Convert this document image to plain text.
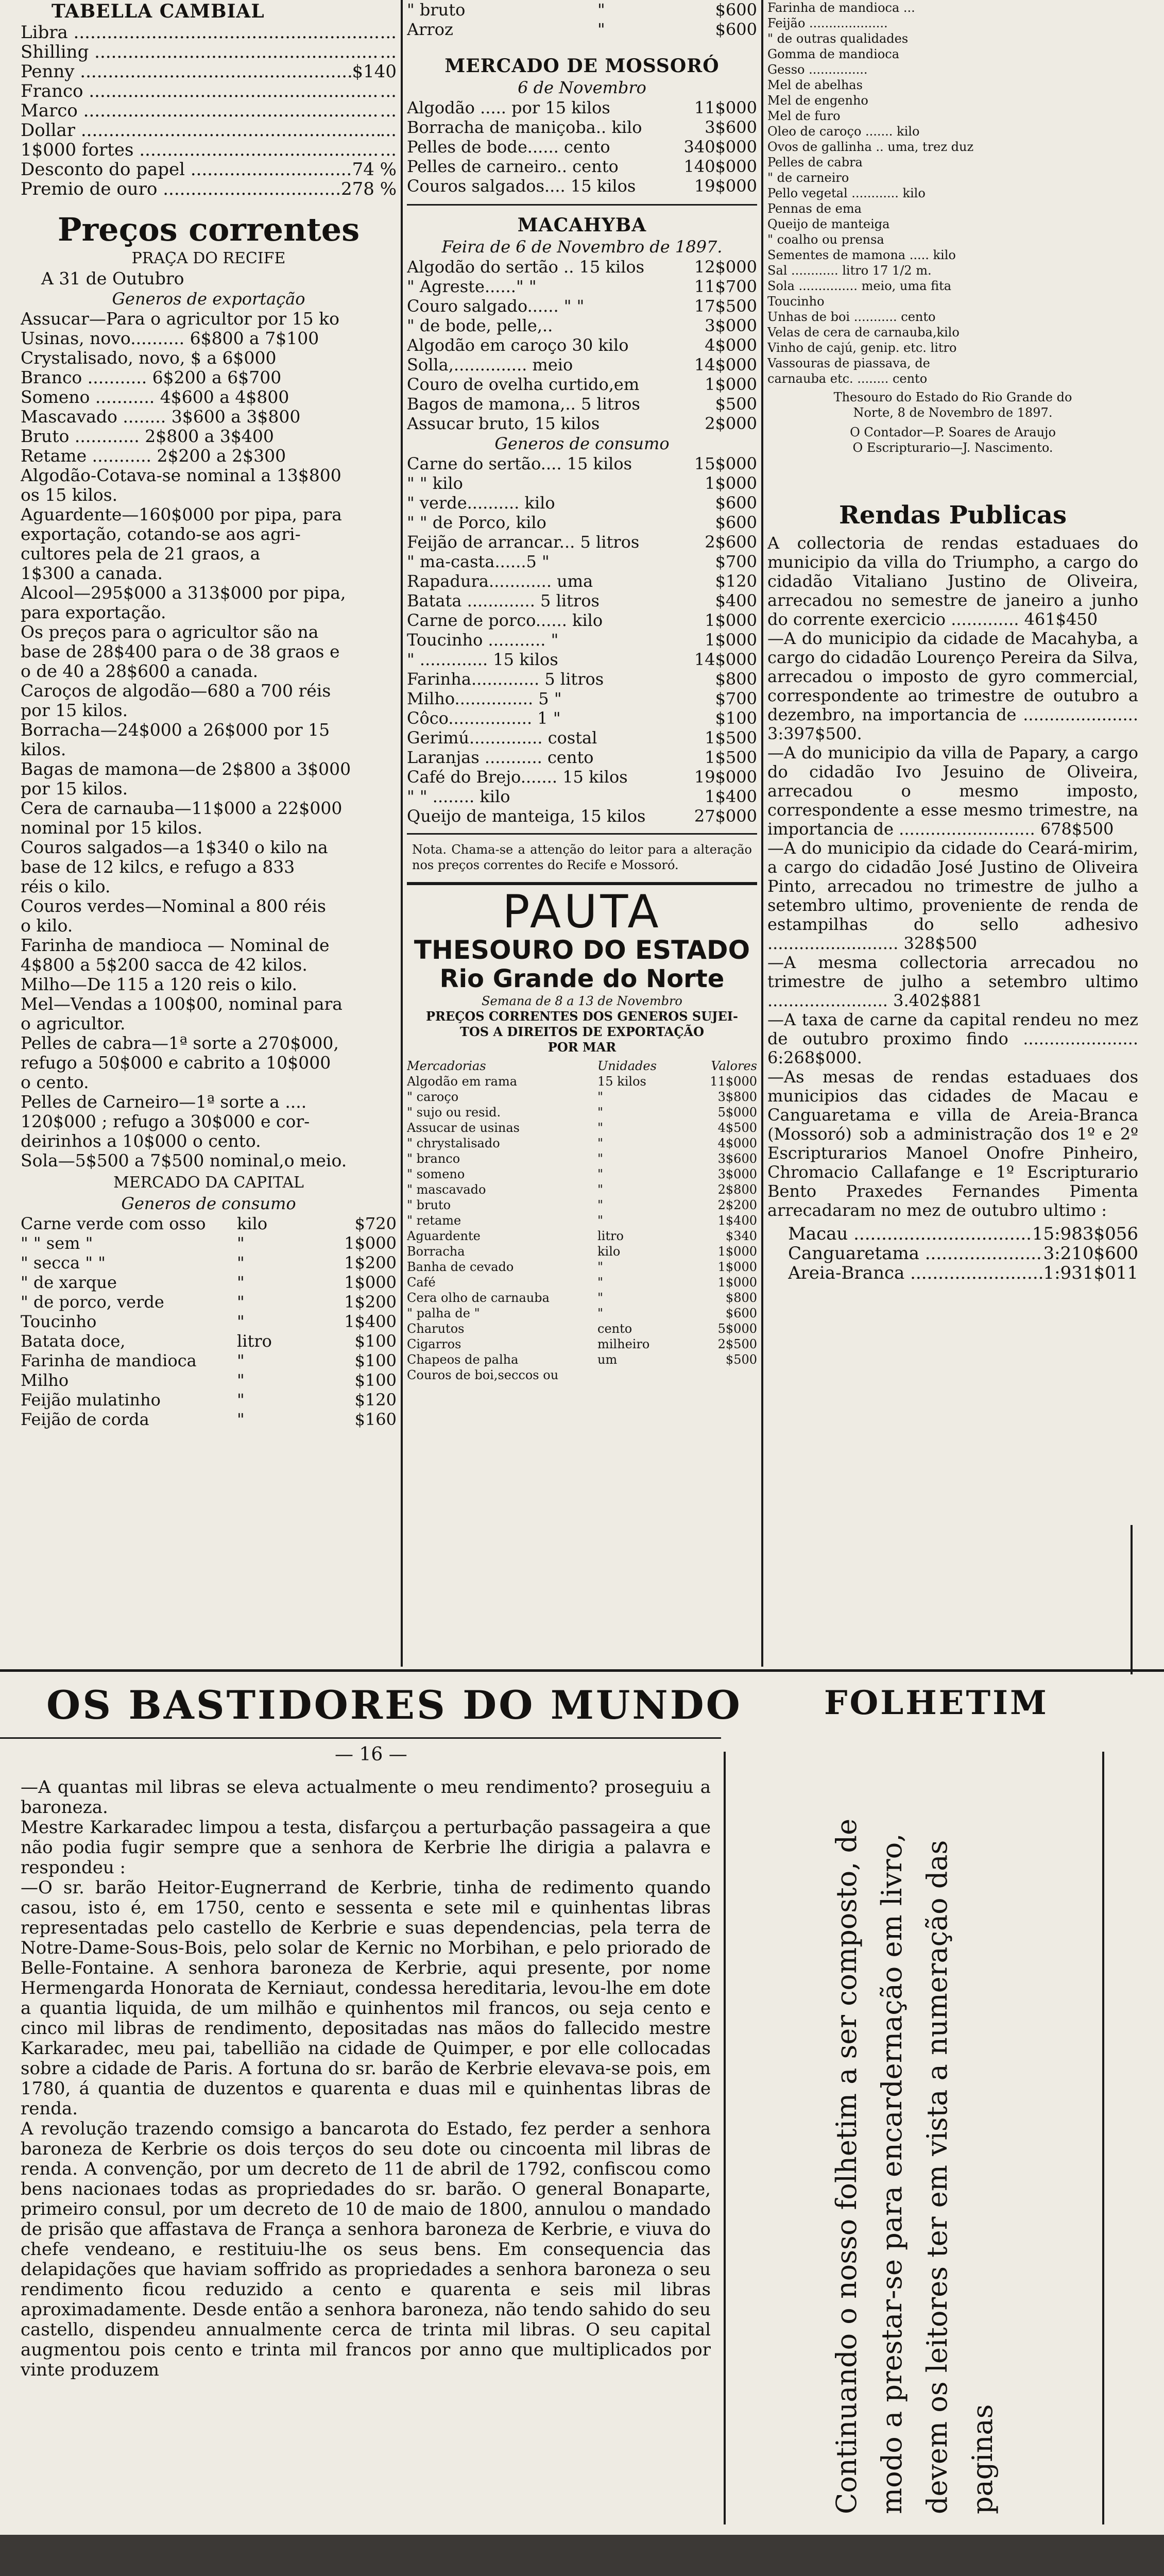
TABELLA CAMBIAL
Libra .....	...
Shilling .....	...
Penny .....	$140
Franco .....	...
Marco .....	...
Dollar .....	...
1$000 fortes .....	...
Desconto do papel .....	74 %
Premio de ouro .....	278 %
Preços correntes
PRAÇA DO RECIFE
A 31 de Outubro
Generos de exportação
Assucar—Para o agricultor por 15 ko
Usinas, novo.......... 6$800 a 7$100
Crystalisado, novo, $ a 6$000
Branco ........... 6$200 a 6$700
Someno ........... 4$600 a 4$800
Mascavado ........ 3$600 a 3$800
Bruto ............ 2$800 a 3$400
Retame ........... 2$200 a 2$300
Algodão-Cotava-se nominal a 13$800
os 15 kilos.
Aguardente—160$000 por pipa, para
exportação, cotando-se aos agri-
cultores pela de 21 graos, a
1$300 a canada.
Alcool—295$000 a 313$000 por pipa,
para exportação.
Os preços para o agricultor são na
base de 28$400 para o de 38 graos e
o de 40 a 28$600 a canada.
Caroços de algodão—680 a 700 réis
por 15 kilos.
Borracha—24$000 a 26$000 por 15
kilos.
Bagas de mamona—de 2$800 a 3$000
por 15 kilos.
Cera de carnauba—11$000 a 22$000
nominal por 15 kilos.
Couros salgados—a 1$340 o kilo na
base de 12 kilcs, e refugo a 833
réis o kilo.
Couros verdes—Nominal a 800 réis
o kilo.
Farinha de mandioca — Nominal de
4$800 a 5$200 sacca de 42 kilos.
Milho—De 115 a 120 reis o kilo.
Mel—Vendas a 100$00, nominal para
o agricultor.
Pelles de cabra—1ª sorte a 270$000,
refugo a 50$000 e cabrito a 10$000
o cento.
Pelles de Carneiro—1ª sorte a ....
120$000 ; refugo a 30$000 e cor-
deirinhos a 10$000 o cento.
Sola—5$500 a 7$500 nominal,o meio.
MERCADO DA CAPITAL
Generos de consumo
Carne verde com osso	kilo	$720
" " sem "	"	1$000
" secca " "	"	1$200
" de xarque	"	1$000
" de porco, verde	"	1$200
Toucinho	"	1$400
Batata doce,	litro	$100
Farinha de mandioca	"	$100
Milho	"	$100
Feijão mulatinho	"	$120
Feijão de corda	"	$160
" bruto	"	$600
Arroz	"	$600
MERCADO DE MOSSORÓ
6 de Novembro
Algodão ..... por 15 kilos	11$000
Borracha de maniçoba.. kilo	3$600
Pelles de bode...... cento	340$000
Pelles de carneiro.. cento	140$000
Couros salgados.... 15 kilos	19$000
MACAHYBA
Feira de 6 de Novembro de 1897.
Algodão do sertão .. 15 kilos	12$000
" Agreste......" "	11$700
Couro salgado...... " "	17$500
" de bode, pelle,..	3$000
Algodão em caroço 30 kilo	4$000
Solla,.............. meio	14$000
Couro de ovelha curtido,em	1$000
Bagos de mamona,.. 5 litros	$500
Assucar bruto, 15 kilos	2$000
Generos de consumo
Carne do sertão.... 15 kilos	15$000
" " kilo	1$000
" verde.......... kilo	$600
" " de Porco, kilo	$600
Feijão de arrancar... 5 litros	2$600
" ma-casta......5 "	$700
Rapadura............ uma	$120
Batata ............. 5 litros	$400
Carne de porco...... kilo	1$000
Toucinho ........... "	1$000
" ............. 15 kilos	14$000
Farinha............. 5 litros	$800
Milho............... 5 "	$700
Côco................ 1 "	$100
Gerimú.............. costal	1$500
Laranjas ........... cento	1$500
Café do Brejo....... 15 kilos	19$000
" " ........ kilo	1$400
Queijo de manteiga, 15 kilos	27$000
Nota. Chama-se a attenção do leitor para a alteração nos preços correntes do Recife e Mossoró.
PAUTA
THESOURO DO ESTADO
Rio Grande do Norte
Semana de 8 a 13 de Novembro
PREÇOS CORRENTES DOS GENEROS SUJEI-
TOS A DIREITOS DE EXPORTAÇÃO
POR MAR
Mercadorias	Unidades	Valores
Algodão em rama	15 kilos	11$000
" caroço	"	3$800
" sujo ou resid.	"	5$000
Assucar de usinas	"	4$500
" chrystalisado	"	4$000
" branco	"	3$600
" someno	"	3$000
" mascavado	"	2$800
" bruto	"	2$200
" retame	"	1$400
Aguardente	litro	$340
Borracha	kilo	1$000
Banha de cevado	"	1$000
Café	"	1$000
Cera olho de carnauba	"	$800
" palha de "	"	$600
Charutos	cento	5$000
Cigarros	milheiro	2$500
Chapeos de palha	um	$500
Couros de boi,seccos ou
Farinha de mandioca ...
Feijão ....................
" de outras qualidades
Gomma de mandioca
Gesso ...............
Mel de abelhas
Mel de engenho
Mel de furo
Oleo de caroço ....... kilo
Ovos de gallinha .. uma, trez duz
Pelles de cabra
" de carneiro
Pello vegetal ............ kilo
Pennas de ema
Queijo de manteiga
" coalho ou prensa
Sementes de mamona ..... kilo
Sal ............ litro 17 1/2 m.
Sola ............... meio, uma fita
Toucinho
Unhas de boi ........... cento
Velas de cera de carnauba,kilo
Vinho de cajú, genip. etc. litro
Vassouras de piassava, de
carnauba etc. ........ cento
Thesouro do Estado do Rio Grande do
Norte, 8 de Novembro de 1897.
O Contador—P. Soares de Araujo
O Escripturario—J. Nascimento.
Rendas Publicas
A collectoria de rendas estaduaes do municipio da villa do Triumpho, a cargo do cidadão Vitaliano Justino de Oliveira, arrecadou no semestre de janeiro a junho do corrente exercicio ............. 461$450
—A do municipio da cidade de Macahyba, a cargo do cidadão Lourenço Pereira da Silva, arrecadou o imposto de gyro commercial, correspondente ao trimestre de outubro a dezembro, na importancia de ...................... 3:397$500.
—A do municipio da villa de Papary, a cargo do cidadão Ivo Jesuino de Oliveira, arrecadou o mesmo imposto, correspondente a esse mesmo trimestre, na importancia de .......................... 678$500
—A do municipio da cidade do Ceará-mirim, a cargo do cidadão José Justino de Oliveira Pinto, arrecadou no trimestre de julho a setembro ultimo, proveniente de renda de estampilhas do sello adhesivo ......................... 328$500
—A mesma collectoria arrecadou no trimestre de julho a setembro ultimo ....................... 3.402$881
—A taxa de carne da capital rendeu no mez de outubro proximo findo ...................... 6:268$000.
—As mesas de rendas estaduaes dos municipios das cidades de Macau e Canguaretama e villa de Areia-Branca (Mossoró) sob a administração dos 1º e 2º Escripturarios Manoel Onofre Pinheiro, Chromacio Callafange e 1º Escripturario Bento Praxedes Fernandes Pimenta arrecadaram no mez de outubro ultimo :
Macau .....	15:983$056
Canguaretama .....	3:210$600
Areia-Branca .....	1:931$011
OS BASTIDORES DO MUNDO FOLHETIM
— 16 —
—A quantas mil libras se eleva actualmente o meu rendimento? proseguiu a baroneza.
Mestre Karkaradec limpou a testa, disfarçou a perturbação passageira a que não podia fugir sempre que a senhora de Kerbrie lhe dirigia a palavra e respondeu :
—O sr. barão Heitor-Eugnerrand de Kerbrie, tinha de redimento quando casou, isto é, em 1750, cento e sessenta e sete mil e quinhentas libras representadas pelo castello de Kerbrie e suas dependencias, pela terra de Notre-Dame-Sous-Bois, pelo solar de Kernic no Morbihan, e pelo priorado de Belle-Fontaine. A senhora baroneza de Kerbrie, aqui presente, por nome Hermengarda Honorata de Kerniaut, condessa hereditaria, levou-lhe em dote a quantia liquida, de um milhão e quinhentos mil francos, ou seja cento e cinco mil libras de rendimento, depositadas nas mãos do fallecido mestre Karkaradec, meu pai, tabellião na cidade de Quimper, e por elle collocadas sobre a cidade de Paris. A fortuna do sr. barão de Kerbrie elevava-se pois, em 1780, á quantia de duzentos e quarenta e duas mil e quinhentas libras de renda.
A revolução trazendo comsigo a bancarota do Estado, fez perder a senhora baroneza de Kerbrie os dois terços do seu dote ou cincoenta mil libras de renda. A convenção, por um decreto de 11 de abril de 1792, confiscou como bens nacionaes todas as propriedades do sr. barão. O general Bonaparte, primeiro consul, por um decreto de 10 de maio de 1800, annulou o mandado de prisão que affastava de França a senhora baroneza de Kerbrie, e viuva do chefe vendeano, e restituiu-lhe os seus bens. Em consequencia das delapidações que haviam soffrido as propriedades a senhora baroneza o seu rendimento ficou reduzido a cento e quarenta e seis mil libras aproximadamente. Desde então a senhora baroneza, não tendo sahido do seu castello, dispendeu annualmente cerca de trinta mil libras. O seu capital augmentou pois cento e trinta mil francos por anno que multiplicados por vinte produzem	Continuando o nosso folhetim a ser composto, de modo a prestar-se para encardernação em livro, devem os leitores ter em vista a numeração das paginas
